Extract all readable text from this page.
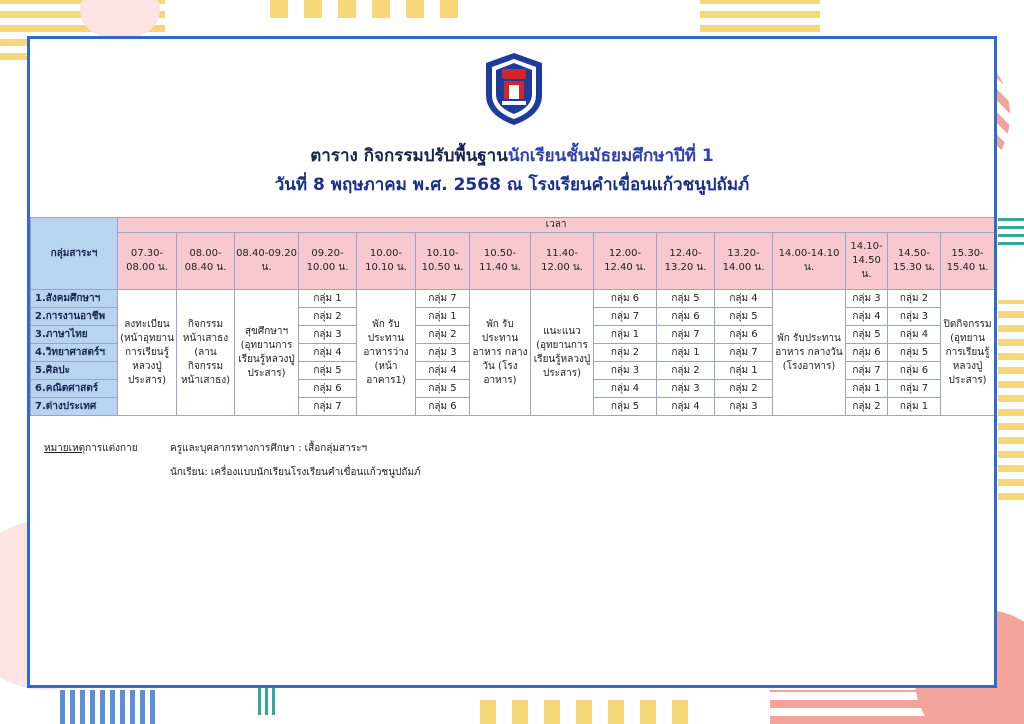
ตาราง กิจกรรมปรับพื้นฐานนักเรียนชั้นมัธยมศึกษาปีที่ 1
วันที่ 8 พฤษภาคม พ.ศ. 2568 ณ โรงเรียนคำเขื่อนแก้วชนูปถัมภ์
กลุ่มสาระฯ	เวลา														
	07.30-08.00 น.	08.00-08.40 น.	08.40-09.20 น.	09.20-10.00 น.	10.00-10.10 น.	10.10-10.50 น.	10.50-11.40 น.	11.40-12.00 น.	12.00-12.40 น.	12.40-13.20 น.	13.20-14.00 น.	14.00-14.10 น.	14.10-14.50 น.	14.50-15.30 น.	15.30-15.40 น.
1.สังคมศึกษาฯ	ลงทะเบียน (หน้าอุทยานการเรียนรู้หลวงปู่ประสาร)	กิจกรรมหน้าเสาธง (ลานกิจกรรมหน้าเสาธง)	สุขศึกษาฯ (อุทยานการเรียนรู้หลวงปู่ประสาร)	กลุ่ม 1	พัก รับประทานอาหารว่าง (หน้าอาคาร1)	กลุ่ม 7	พัก รับประทานอาหาร กลางวัน (โรงอาหาร)	แนะแนว (อุทยานการเรียนรู้หลวงปู่ประสาร)	กลุ่ม 6	กลุ่ม 5	กลุ่ม 4	พัก รับประทานอาหาร กลางวัน (โรงอาหาร)	กลุ่ม 3	กลุ่ม 2	ปิดกิจกรรม (อุทยานการเรียนรู้หลวงปู่ประสาร)
2.การงานอาชีพ				กลุ่ม 2		กลุ่ม 1			กลุ่ม 7	กลุ่ม 6	กลุ่ม 5		กลุ่ม 4	กลุ่ม 3	
3.ภาษาไทย				กลุ่ม 3		กลุ่ม 2			กลุ่ม 1	กลุ่ม 7	กลุ่ม 6		กลุ่ม 5	กลุ่ม 4	
4.วิทยาศาสตร์ฯ				กลุ่ม 4		กลุ่ม 3			กลุ่ม 2	กลุ่ม 1	กลุ่ม 7		กลุ่ม 6	กลุ่ม 5	
5.ศิลปะ				กลุ่ม 5		กลุ่ม 4			กลุ่ม 3	กลุ่ม 2	กลุ่ม 1		กลุ่ม 7	กลุ่ม 6	
6.คณิตศาสตร์				กลุ่ม 6		กลุ่ม 5			กลุ่ม 4	กลุ่ม 3	กลุ่ม 2		กลุ่ม 1	กลุ่ม 7	
7.ต่างประเทศ				กลุ่ม 7		กลุ่ม 6			กลุ่ม 5	กลุ่ม 4	กลุ่ม 3		กลุ่ม 2	กลุ่ม 1	
หมายเหตุการแต่งกาย	ครูและบุคลากรทางการศึกษา : เสื้อกลุ่มสาระฯ
นักเรียน: เครื่องแบบนักเรียนโรงเรียนคำเขื่อนแก้วชนูปถัมภ์
